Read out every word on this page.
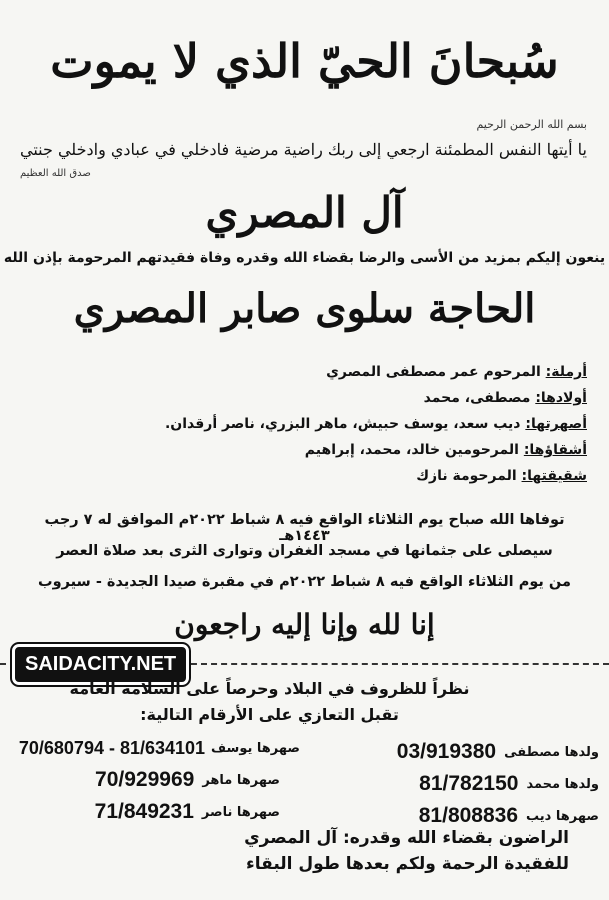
سُبحانَ الحيّ الذي لا يموت
بسم الله الرحمن الرحيم
يا أيتها النفس المطمئنة ارجعي إلى ربك راضية مرضية فادخلي في عبادي وادخلي جنتي
صدق الله العظيم
آل المصري
ينعون إليكم بمزيد من الأسى والرضا بقضاء الله وقدره وفاة فقيدتهم المرحومة بإذن الله
الحاجة سلوى صابر المصري
أرملة: المرحوم عمر مصطفى المصري
أولادها: مصطفى، محمد
أصهرتها: ديب سعد، يوسف حبيش، ماهر البزري، ناصر أرقدان.
أشقاؤها: المرحومين خالد، محمد، إبراهيم
شقيقتها: المرحومة نازك
توفاها الله صباح يوم الثلاثاء الواقع فيه ٨ شباط ٢٠٢٢م الموافق له ٧ رجب ١٤٤٣هـ
سيصلى على جثمانها في مسجد الغفران وتوارى الثرى بعد صلاة العصر
من يوم الثلاثاء الواقع فيه ٨ شباط ٢٠٢٢م في مقبرة صيدا الجديدة - سيروب
إنا لله وإنا إليه راجعون
SAIDACITY.NET
نظراً للظروف في البلاد وحرصاً على السلامة العامة
تقبل التعازي على الأرقام التالية:
ولدها مصطفى
03/919380
ولدها محمد
81/782150
صهرها ديب
81/808836
صهرها يوسف
70/680794 - 81/634101
صهرها ماهر
70/929969
صهرها ناصر
71/849231
الراضون بقضاء الله وقدره: آل المصري
للفقيدة الرحمة ولكم بعدها طول البقاء
